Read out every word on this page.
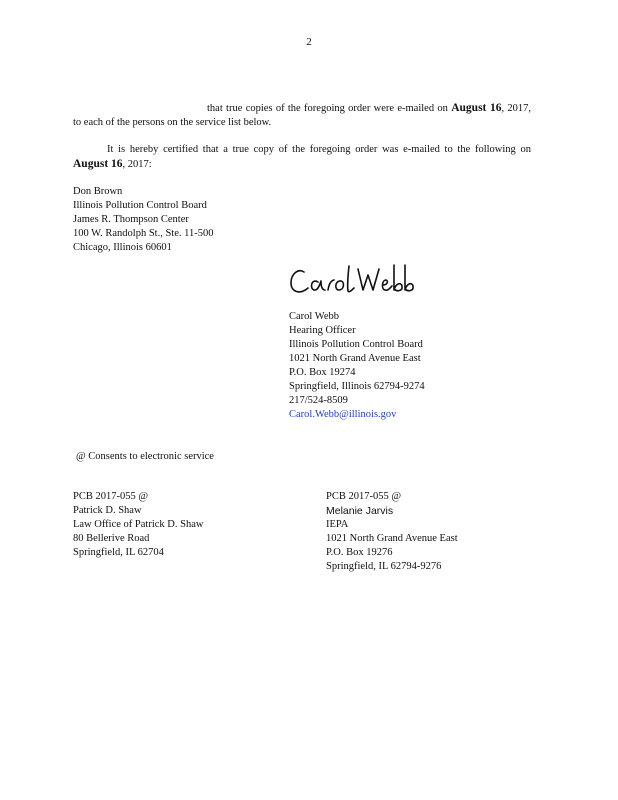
2
that true copies of the foregoing order were e-mailed on August 16, 2017, to each of the persons on the service list below.
It is hereby certified that a true copy of the foregoing order was e-mailed to the following on August 16, 2017:
Don Brown
Illinois Pollution Control Board
James R. Thompson Center
100 W. Randolph St., Ste. 11-500
Chicago, Illinois 60601
Carol Webb
Hearing Officer
Illinois Pollution Control Board
1021 North Grand Avenue East
P.O. Box 19274
Springfield, Illinois 62794-9274
217/524-8509
Carol.Webb@illinois.gov
@ Consents to electronic service
PCB 2017-055 @
Patrick D. Shaw
Law Office of Patrick D. Shaw
80 Bellerive Road
Springfield, IL 62704
PCB 2017-055 @
Melanie Jarvis
IEPA
1021 North Grand Avenue East
P.O. Box 19276
Springfield, IL 62794-9276
